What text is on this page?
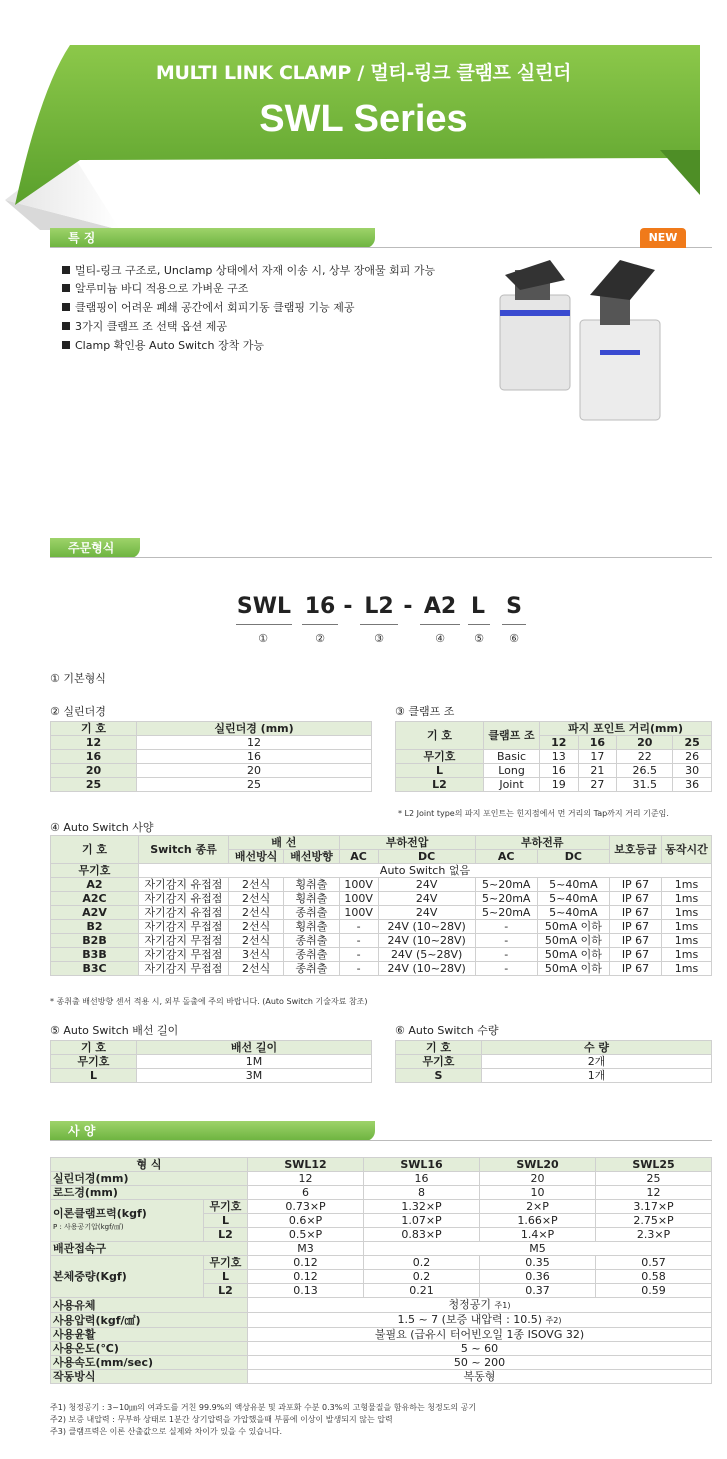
MULTI LINK CLAMP / 멀티-링크 클램프 실린더
SWL Series
특 징	NEW
멀티-링크 구조로, Unclamp 상태에서 자재 이송 시, 상부 장애물 회피 가능
알루미늄 바디 적용으로 가벼운 구조
클램핑이 어려운 폐쇄 공간에서 회피기동 클램핑 기능 제공
3가지 클램프 조 선택 옵션 제공
Clamp 확인용 Auto Switch 장착 가능
주문형식
SWL 16 - L2 - A2 L S
①	②	③	④	⑤	⑥
① 기본형식
② 실린더경
기 호	실린더경 (mm)
12	12
16	16
20	20
25	25
③ 클램프 조
기 호	클램프 조	파지 포인트 거리(mm)			
		12	16	20	25
무기호	Basic	13	17	22	26
L	Long	16	21	26.5	30
L2	Joint	19	27	31.5	36
* L2 Joint type의 파지 포인트는 힌지점에서 먼 거리의 Tap까지 거리 기준임.
④ Auto Switch 사양
기 호	Switch 종류	배 선		부하전압		부하전류		보호등급	동작시간
		배선방식	배선방향	AC	DC	AC	DC		
무기호	Auto Switch 없음								
A2	자기감지 유접점	2선식	횡취출	100V	24V	5~20mA	5~40mA	IP 67	1ms
A2C	자기감지 유접점	2선식	횡취출	100V	24V	5~20mA	5~40mA	IP 67	1ms
A2V	자기감지 유접점	2선식	종취출	100V	24V	5~20mA	5~40mA	IP 67	1ms
B2	자기감지 무접점	2선식	횡취출	-	24V (10~28V)	-	50mA 이하	IP 67	1ms
B2B	자기감지 무접점	2선식	종취출	-	24V (10~28V)	-	50mA 이하	IP 67	1ms
B3B	자기감지 무접점	3선식	종취출	-	24V (5~28V)	-	50mA 이하	IP 67	1ms
B3C	자기감지 무접점	2선식	종취출	-	24V (10~28V)	-	50mA 이하	IP 67	1ms
* 종취출 배선방향 센서 적용 시, 외부 돌출에 주의 바랍니다. (Auto Switch 기술자료 참조)
⑤ Auto Switch 배선 길이
기 호	배선 길이
무기호	1M
L	3M
⑥ Auto Switch 수량
기 호	수 량
무기호	2개
S	1개
사 양
형 식		SWL12	SWL16	SWL20	SWL25
실린더경(mm)		12	16	20	25
로드경(mm)		6	8	10	12
이론클램프력(kgf)
P : 사용공기압(kgf/㎠)	무기호	0.73×P	1.32×P	2×P	3.17×P
	L	0.6×P	1.07×P	1.66×P	2.75×P
	L2	0.5×P	0.83×P	1.4×P	2.3×P
배관접속구		M3	M5		
본체중량(Kgf)	무기호	0.12	0.2	0.35	0.57
	L	0.12	0.2	0.36	0.58
	L2	0.13	0.21	0.37	0.59
사용유체		청정공기 주1)			
사용압력(kgf/㎠)		1.5 ~ 7 (보증 내압력 : 10.5) 주2)			
사용윤활		불필요 (급유시 터어빈오일 1종 ISOVG 32)			
사용온도(℃)		5 ~ 60			
사용속도(mm/sec)		50 ~ 200			
작동방식		복동형			
주1) 청정공기 : 3~10㎛의 여과도를 거친 99.9%의 액상유분 및 과포화 수분 0.3%의 고형물질을 함유하는 청정도의 공기
주2) 보증 내압력 : 무부하 상태로 1분간 상기압력을 가압했을때 부품에 이상이 발생되지 않는 압력
주3) 클램프력은 이론 산출값으로 실제와 차이가 있을 수 있습니다.
